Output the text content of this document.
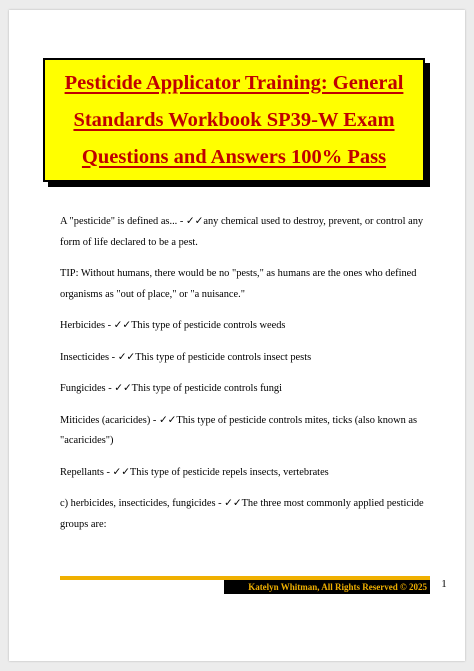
Pesticide Applicator Training: General
Standards Workbook SP39-W Exam
Questions and Answers 100% Pass

A "pesticide" is defined as... - ✓✓any chemical used to destroy, prevent, or control any form of life declared to be a pest.

TIP: Without humans, there would be no "pests," as humans are the ones who defined organisms as "out of place," or "a nuisance."

Herbicides - ✓✓This type of pesticide controls weeds

Insecticides - ✓✓This type of pesticide controls insect pests

Fungicides - ✓✓This type of pesticide controls fungi

Miticides (acaricides) - ✓✓This type of pesticide controls mites, ticks (also known as "acaricides")

Repellants - ✓✓This type of pesticide repels insects, vertebrates

c) herbicides, insecticides, fungicides - ✓✓The three most commonly applied pesticide groups are:

Katelyn Whitman, All Rights Reserved © 2025	1
